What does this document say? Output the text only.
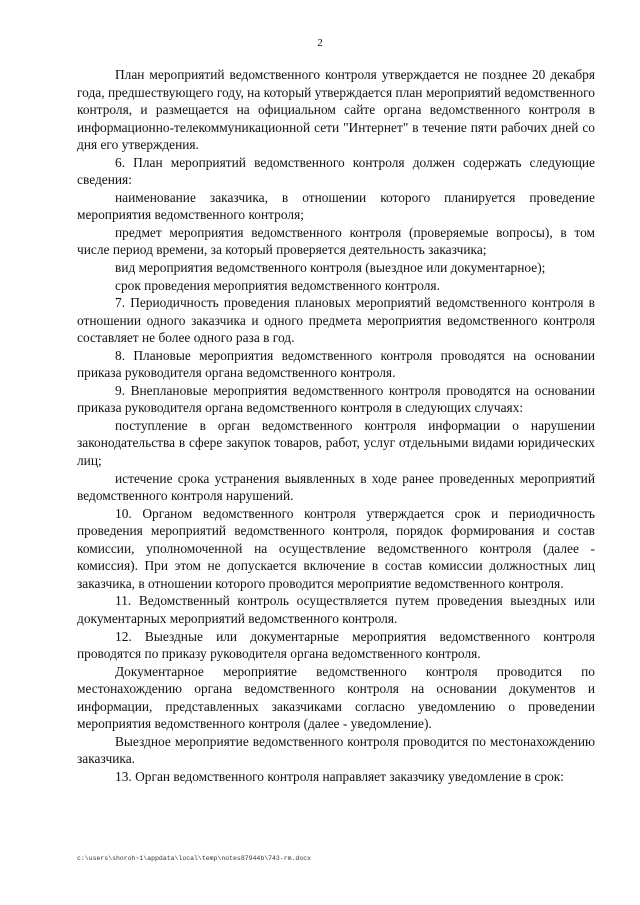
2

План мероприятий ведомственного контроля утверждается не позднее 20 декабря года, предшествующего году, на который утверждается план мероприятий ведомственного контроля, и размещается на официальном сайте органа ведомственного контроля в информационно-телекоммуникационной сети "Интернет" в течение пяти рабочих дней со дня его утверждения.

6. План мероприятий ведомственного контроля должен содержать следующие сведения:

наименование заказчика, в отношении которого планируется проведение мероприятия ведомственного контроля;

предмет мероприятия ведомственного контроля (проверяемые вопросы), в том числе период времени, за который проверяется деятельность заказчика;

вид мероприятия ведомственного контроля (выездное или документарное);

срок проведения мероприятия ведомственного контроля.

7. Периодичность проведения плановых мероприятий ведомственного контроля в отношении одного заказчика и одного предмета мероприятия ведомственного контроля составляет не более одного раза в год.

8. Плановые мероприятия ведомственного контроля проводятся на основании приказа руководителя органа ведомственного контроля.

9. Внеплановые мероприятия ведомственного контроля проводятся на основании приказа руководителя органа ведомственного контроля в следующих случаях:

поступление в орган ведомственного контроля информации о нарушении законодательства в сфере закупок товаров, работ, услуг отдельными видами юридических лиц;

истечение срока устранения выявленных в ходе ранее проведенных мероприятий ведомственного контроля нарушений.

10. Органом ведомственного контроля утверждается срок и периодичность проведения мероприятий ведомственного контроля, порядок формирования и состав комиссии, уполномоченной на осуществление ведомственного контроля (далее - комиссия). При этом не допускается включение в состав комиссии должностных лиц заказчика, в отношении которого проводится мероприятие ведомственного контроля.

11. Ведомственный контроль осуществляется путем проведения выездных или документарных мероприятий ведомственного контроля.

12. Выездные или документарные мероприятия ведомственного контроля проводятся по приказу руководителя органа ведомственного контроля.

Документарное мероприятие ведомственного контроля проводится по местонахождению органа ведомственного контроля на основании документов и информации, представленных заказчиками согласно уведомлению о проведении мероприятия ведомственного контроля (далее - уведомление).

Выездное мероприятие ведомственного контроля проводится по местонахождению заказчика.

13. Орган ведомственного контроля направляет заказчику уведомление в срок:

c:\users\shoroh~1\appdata\local\temp\notes87944b\743-rm.docx
